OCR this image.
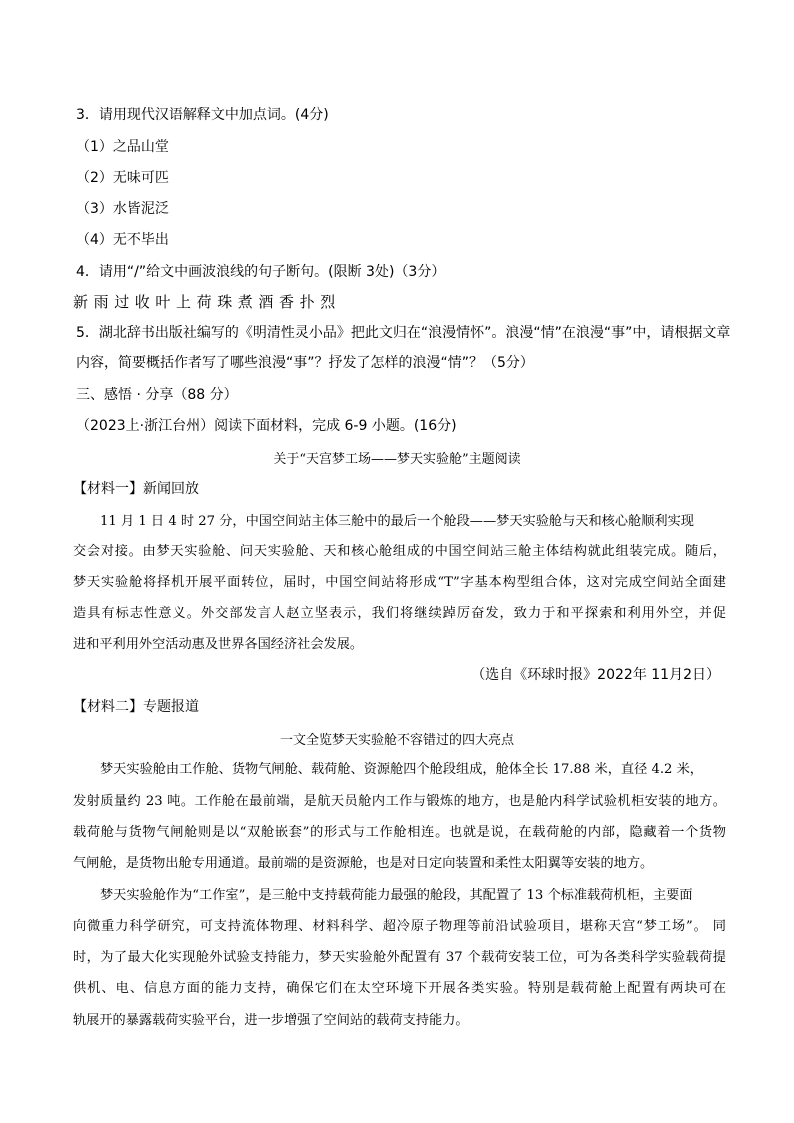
3．请用现代汉语解释文中加点词。(4分)
（1）之品山堂
（2）无味可匹
（3）水皆泥泛
（4）无不毕出
4．请用“/”给文中画波浪线的句子断句。(限断 3处)（3分）
新雨过收叶上荷珠煮酒香扑烈
5．湖北辞书出版社编写的《明清性灵小品》把此文归在“浪漫情怀”。浪漫“情”在浪漫“事”中，请根据文章
内容，简要概括作者写了哪些浪漫“事”？抒发了怎样的浪漫“情”？（5分）
三、感悟 · 分享（88 分）
（2023上·浙江台州）阅读下面材料，完成 6-9 小题。(16分)
关于“天宫梦工场——梦天实验舱”主题阅读
【材料一】新闻回放
11 月 1 日 4 时 27 分，中国空间站主体三舱中的最后一个舱段——梦天实验舱与天和核心舱顺利实现
交会对接。由梦天实验舱、问天实验舱、天和核心舱组成的中国空间站三舱主体结构就此组装完成。随后，
梦天实验舱将择机开展平面转位，届时，中国空间站将形成“T”字基本构型组合体，这对完成空间站全面建
造具有标志性意义。外交部发言人赵立坚表示，我们将继续踔厉奋发，致力于和平探索和利用外空，并促
进和平利用外空活动惠及世界各国经济社会发展。
（选自《环球时报》2022年 11月2日）
【材料二】专题报道
一文全览梦天实验舱不容错过的四大亮点
梦天实验舱由工作舱、货物气闸舱、载荷舱、资源舱四个舱段组成，舱体全长 17.88 米，直径 4.2 米，
发射质量约 23 吨。工作舱在最前端，是航天员舱内工作与锻炼的地方，也是舱内科学试验机柜安装的地方。
载荷舱与货物气闸舱则是以“双舱嵌套”的形式与工作舱相连。也就是说，在载荷舱的内部，隐藏着一个货物
气闸舱，是货物出舱专用通道。最前端的是资源舱，也是对日定向装置和柔性太阳翼等安装的地方。
梦天实验舱作为“工作室”，是三舱中支持载荷能力最强的舱段，其配置了 13 个标准载荷机柜，主要面
向微重力科学研究，可支持流体物理、材料科学、超冷原子物理等前沿试验项目，堪称天宫“梦工场”。 同
时，为了最大化实现舱外试验支持能力，梦天实验舱外配置有 37 个载荷安装工位，可为各类科学实验载荷提
供机、电、信息方面的能力支持，确保它们在太空环境下开展各类实验。特别是载荷舱上配置有两块可在
轨展开的暴露载荷实验平台，进一步增强了空间站的载荷支持能力。
